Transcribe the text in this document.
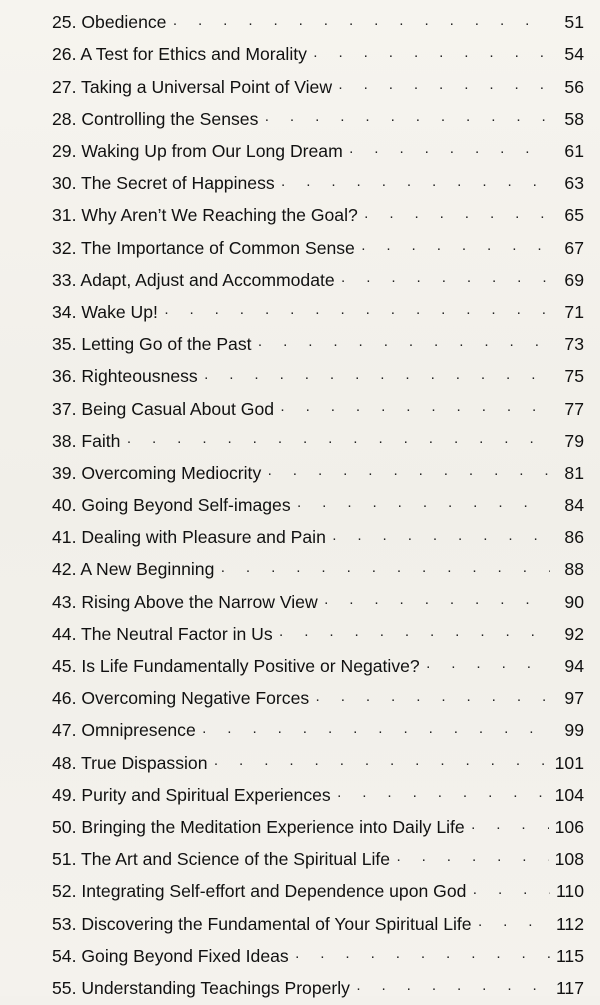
25. Obedience · · ·	51
26. A Test for Ethics and Morality · · ·	54
27. Taking a Universal Point of View · · ·	56
28. Controlling the Senses · · ·	58
29. Waking Up from Our Long Dream · · ·	61
30. The Secret of Happiness · · ·	63
31. Why Aren’t We Reaching the Goal? · · ·	65
32. The Importance of Common Sense · · ·	67
33. Adapt, Adjust and Accommodate · · ·	69
34. Wake Up! · · ·	71
35. Letting Go of the Past · · ·	73
36. Righteousness · · ·	75
37. Being Casual About God · · ·	77
38. Faith · · ·	79
39. Overcoming Mediocrity · · ·	81
40. Going Beyond Self-images · · ·	84
41. Dealing with Pleasure and Pain · · ·	86
42. A New Beginning · · ·	88
43. Rising Above the Narrow View · · ·	90
44. The Neutral Factor in Us · · ·	92
45. Is Life Fundamentally Positive or Negative? · · ·	94
46. Overcoming Negative Forces · · ·	97
47. Omnipresence · · ·	99
48. True Dispassion · · ·	101
49. Purity and Spiritual Experiences · · ·	104
50. Bringing the Meditation Experience into Daily Life · · ·	106
51. The Art and Science of the Spiritual Life · · ·	108
52. Integrating Self-effort and Dependence upon God · · ·	110
53. Discovering the Fundamental of Your Spiritual Life · · ·	112
54. Going Beyond Fixed Ideas · · ·	115
55. Understanding Teachings Properly · · ·	117
